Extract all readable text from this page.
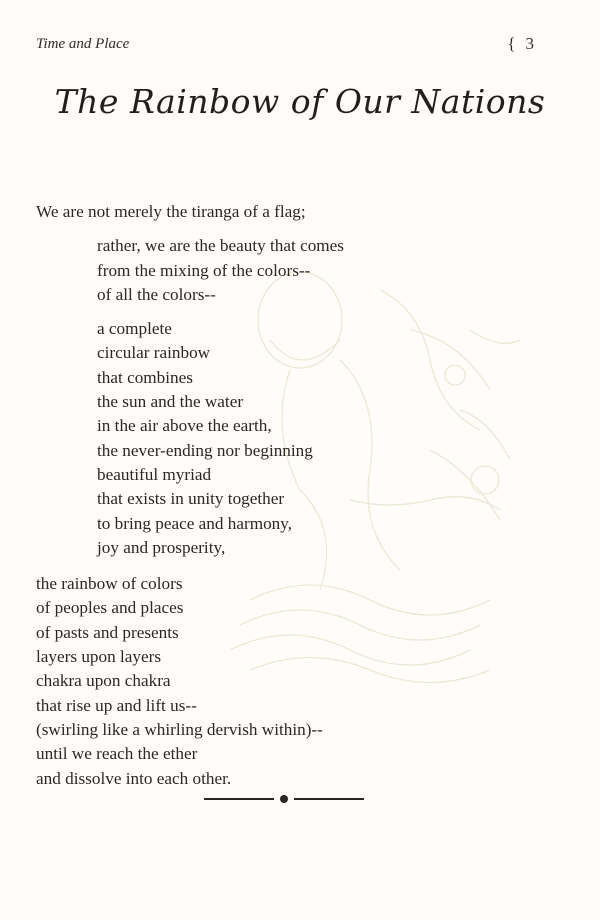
Time and Place	{ 3
The Rainbow of Our Nations
We are not merely the tiranga of a flag;
rather, we are the beauty that comes
from the mixing of the colors--
of all the colors--
a complete
circular rainbow
that combines
the sun and the water
in the air above the earth,
the never-ending nor beginning
beautiful myriad
that exists in unity together
to bring peace and harmony,
joy and prosperity,
the rainbow of colors
of peoples and places
of pasts and presents
layers upon layers
chakra upon chakra
that rise up and lift us--
(swirling like a whirling dervish within)--
until we reach the ether
and dissolve into each other.
